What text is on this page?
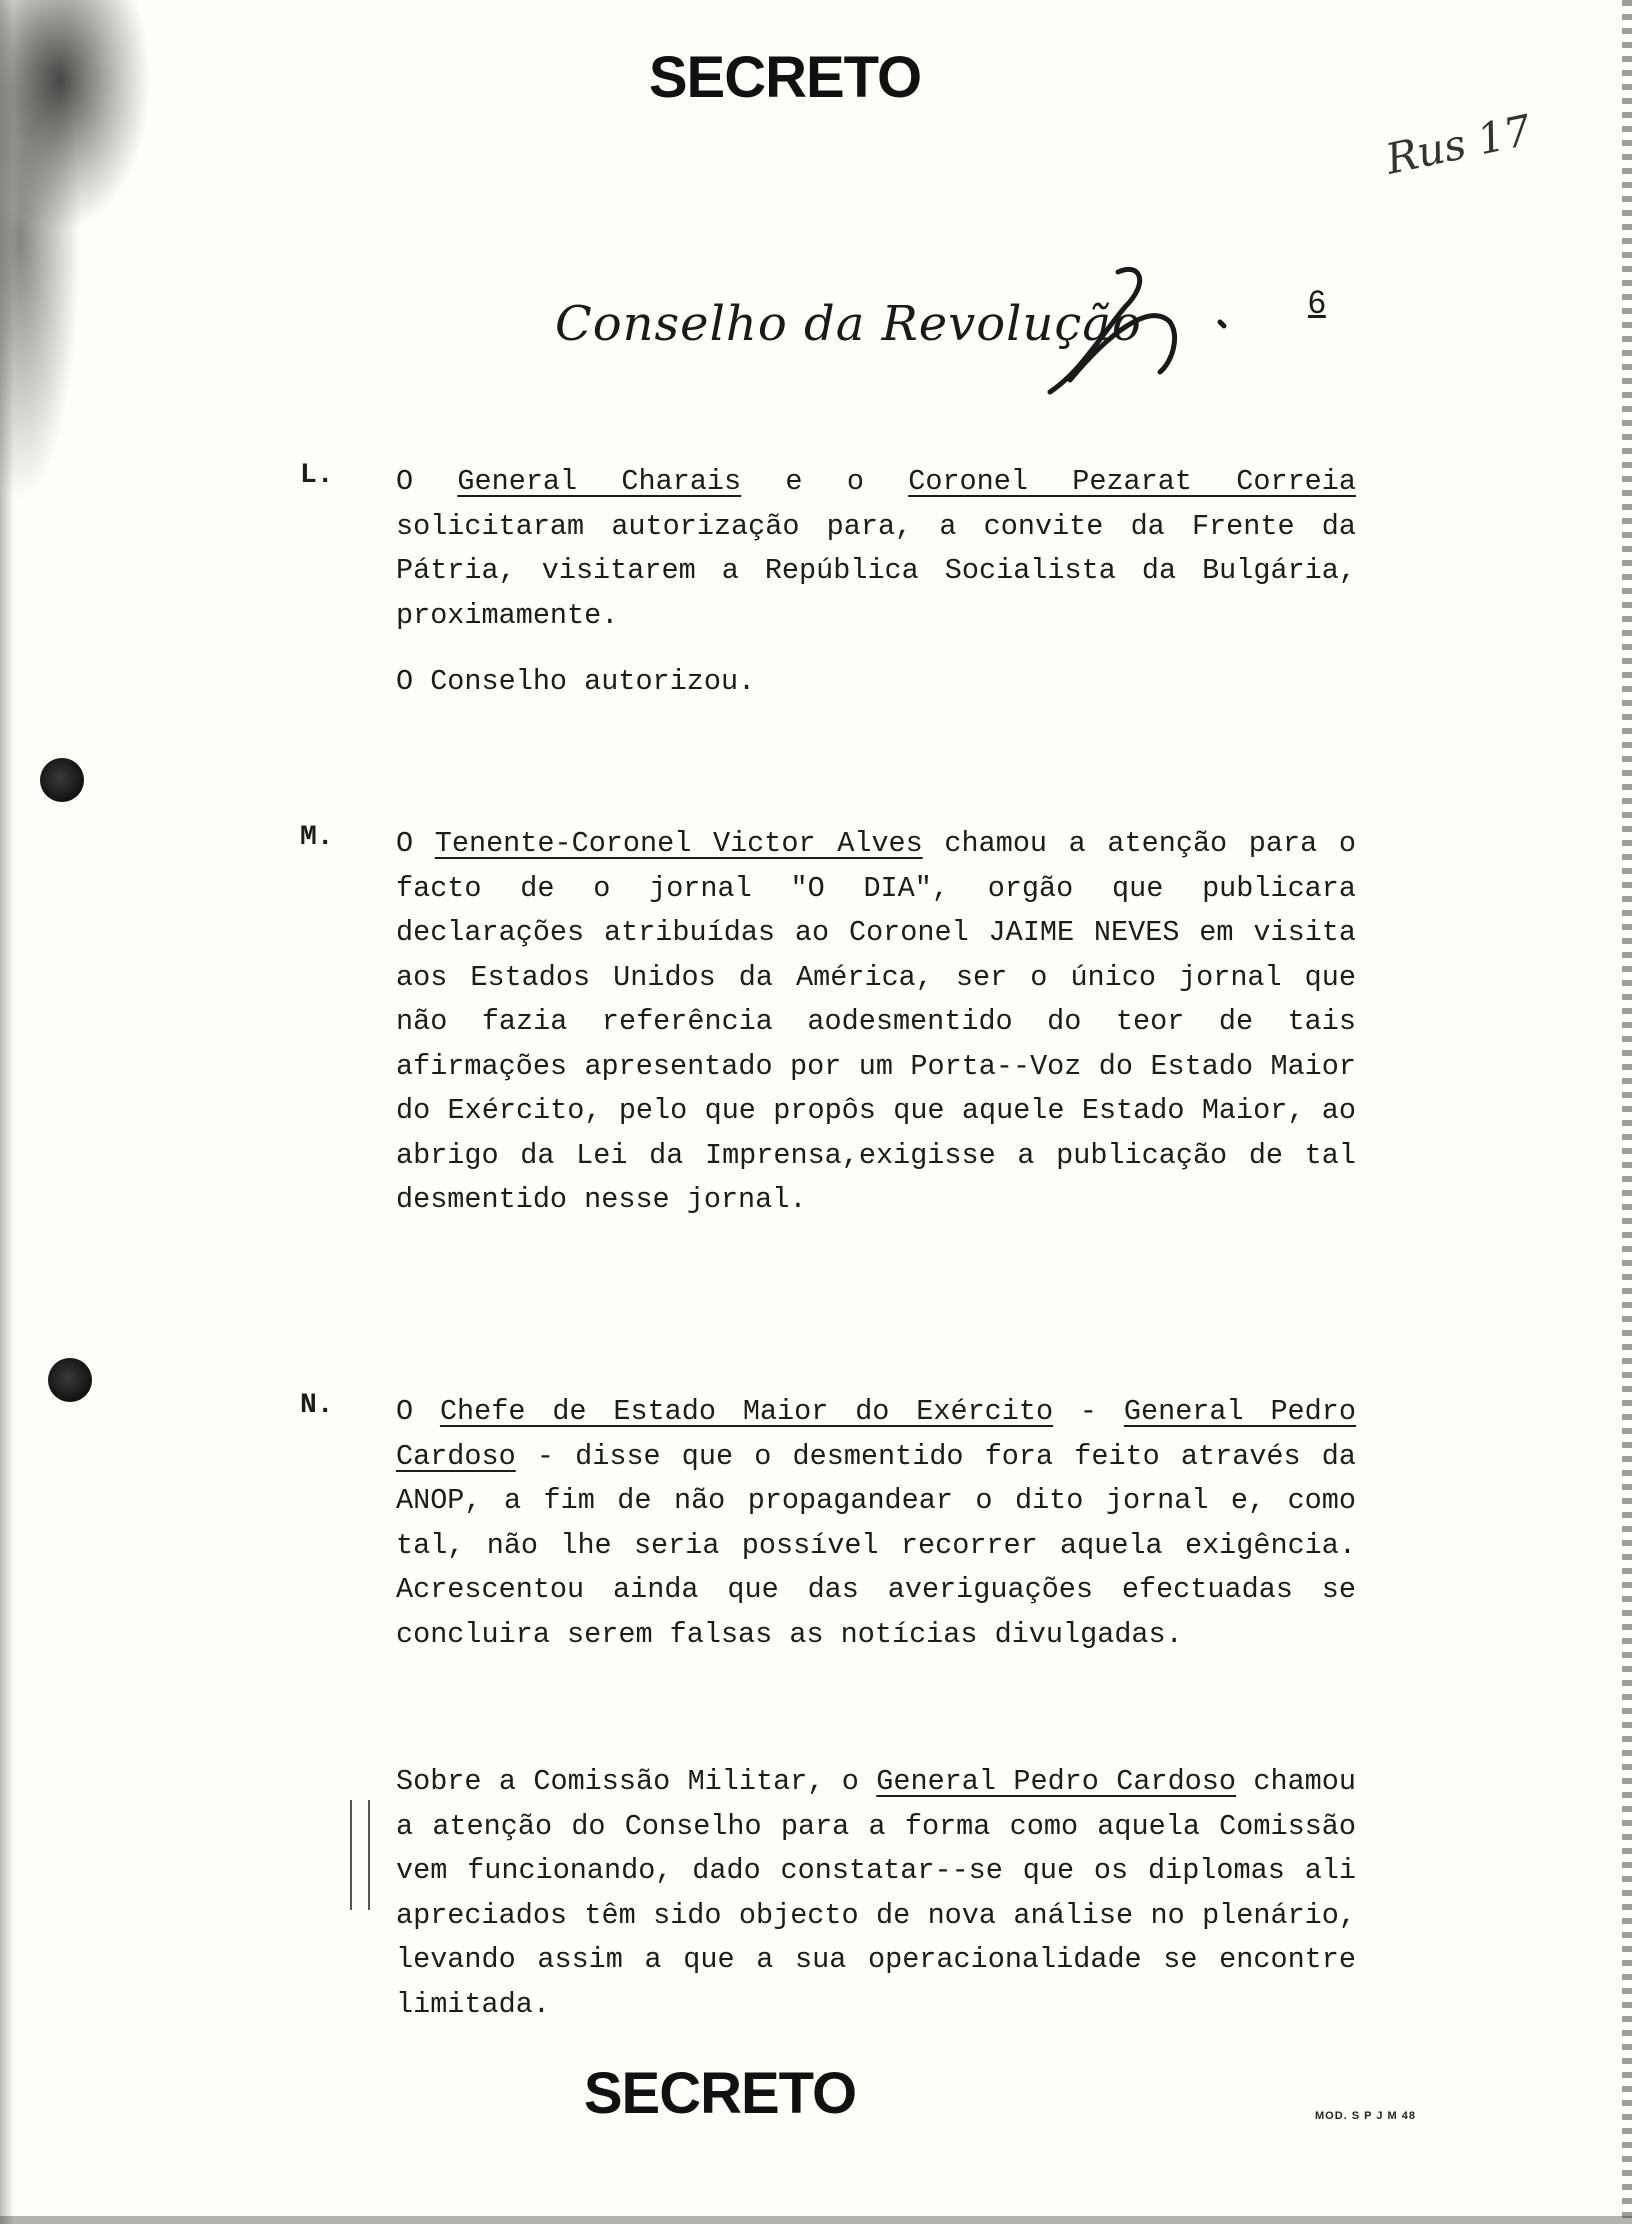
SECRETO
Rus 17
Conselho da Revolução	6
L.	O General Charais e o Coronel Pezarat Correia solicitaram autorização para, a convite da Frente da Pátria, visitarem a República Socialista da Bulgária, proximamente.

O Conselho autorizou.

M.	O Tenente-Coronel Victor Alves chamou a atenção para o facto de o jornal "O DIA", orgão que publicara declarações atribuídas ao Coronel JAIME NEVES em visita aos Estados Unidos da América, ser o único jornal que não fazia referência aodesmentido do teor de tais afirmações apresentado por um Porta--Voz do Estado Maior do Exército, pelo que propôs que aquele Estado Maior, ao abrigo da Lei da Imprensa,exigisse a publicação de tal desmentido nesse jornal.

N.	O Chefe de Estado Maior do Exército - General Pedro Cardoso - disse que o desmentido fora feito através da ANOP, a fim de não propagandear o dito jornal e, como tal, não lhe seria possível recorrer aquela exigência. Acrescentou ainda que das averiguações efectuadas se concluira serem falsas as notícias divulgadas.

Sobre a Comissão Militar, o General Pedro Cardoso chamou a atenção do Conselho para a forma como aquela Comissão vem funcionando, dado constatar--se que os diplomas ali apreciados têm sido objecto de nova análise no plenário, levando assim a que a sua operacionalidade se encontre limitada.

SECRETO	MOD. S P J M 48
